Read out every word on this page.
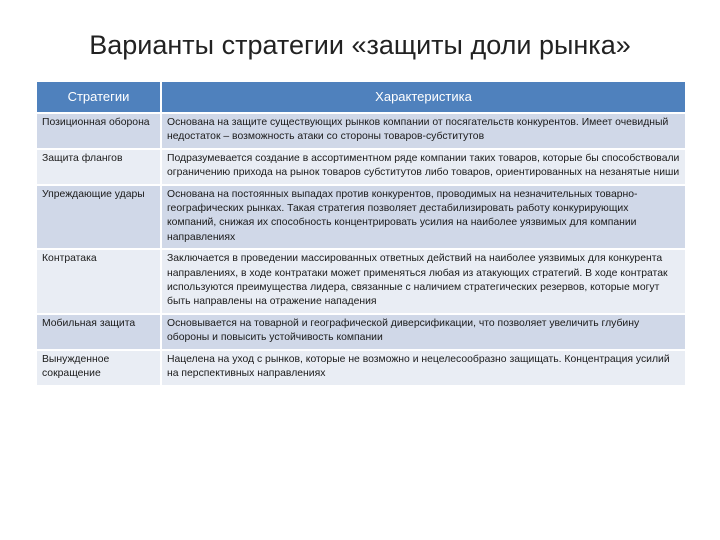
Варианты стратегии «защиты доли рынка»
Стратегии	Характеристика
Позиционная оборона	Основана на защите существующих рынков компании от посягательств конкурентов. Имеет очевидный недостаток – возможность атаки со стороны товаров-субститутов
Защита флангов	Подразумевается создание в ассортиментном ряде компании таких товаров, которые бы способствовали ограничению прихода на рынок товаров субститутов либо товаров, ориентированных на незанятые ниши
Упреждающие удары	Основана на постоянных выпадах против конкурентов, проводимых на незначительных товарно-географических рынках. Такая стратегия позволяет дестабилизировать работу конкурирующих компаний, снижая их способность концентрировать усилия на наиболее уязвимых для компании направлениях
Контратака	Заключается в проведении массированных ответных действий на наиболее уязвимых для конкурента направлениях, в ходе контратаки может применяться любая из атакующих стратегий. В ходе контратак используются преимущества лидера, связанные с наличием стратегических резервов, которые могут быть направлены на отражение нападения
Мобильная защита	Основывается на товарной и географической диверсификации, что позволяет увеличить глубину обороны и повысить устойчивость компании
Вынужденное сокращение	Нацелена на уход с рынков, которые не возможно и нецелесообразно защищать. Концентрация усилий на перспективных направлениях
